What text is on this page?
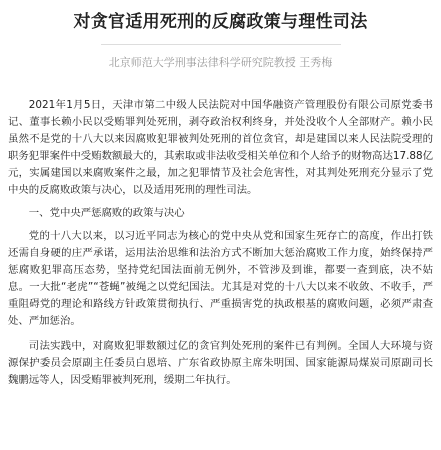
对贪官适用死刑的反腐政策与理性司法
北京师范大学刑事法律科学研究院教授 王秀梅

2021年1月5日，天津市第二中级人民法院对中国华融资产管理股份有限公司原党委书记、董事长赖小民以受贿罪判处死刑，剥夺政治权利终身，并处没收个人全部财产。赖小民虽然不是党的十八大以来因腐败犯罪被判处死刑的首位贪官，却是建国以来人民法院受理的职务犯罪案件中受贿数额最大的，其索取或非法收受相关单位和个人给予的财物高达17.88亿元，实属建国以来腐败案件之最，加之犯罪情节及社会危害性，对其判处死刑充分显示了党中央的反腐败政策与决心，以及适用死刑的理性司法。

一、党中央严惩腐败的政策与决心

党的十八大以来，以习近平同志为核心的党中央从党和国家生死存亡的高度，作出打铁还需自身硬的庄严承诺，运用法治思维和法治方式不断加大惩治腐败工作力度，始终保持严惩腐败犯罪高压态势，坚持党纪国法面前无例外，不管涉及到谁，都要一查到底，决不姑息。一大批“老虎”“苍蝇”被绳之以党纪国法。尤其是对党的十八大以来不收敛、不收手，严重阻碍党的理论和路线方针政策贯彻执行、严重损害党的执政根基的腐败问题，必须严肃查处、严加惩治。

司法实践中，对腐败犯罪数额过亿的贪官判处死刑的案件已有判例。全国人大环境与资源保护委员会原副主任委员白恩培、广东省政协原主席朱明国、国家能源局煤炭司原副司长魏鹏远等人，因受贿罪被判死刑，缓期二年执行。
